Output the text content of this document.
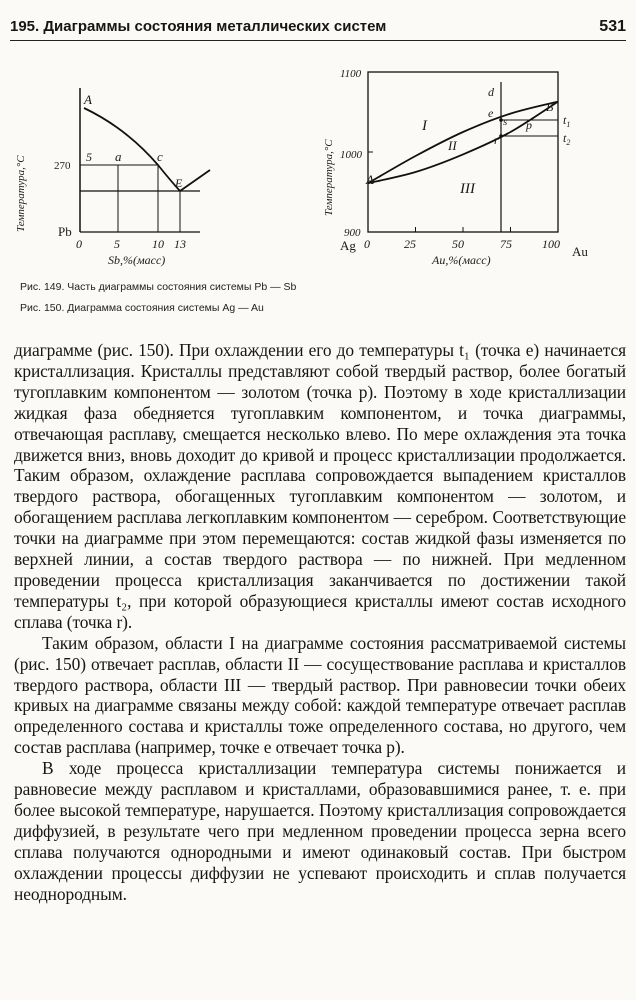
195. Диаграммы состояния металлических систем	531
Температура,°С
A
5 a	c
E
270
Pb
0	5	10 13
Sb,%(масс)
Температура,°С
1100
1000
900
Ag	Au
0	25	50	75	100
Au,%(масс)
I
II
III
A
B
d
e
s p
r
$t_1$
$t_2$
Рис. 149. Часть диаграммы состояния системы Pb — Sb
Рис. 150. Диаграмма состояния системы Ag — Au

диаграмме (рис. 150). При охлаждении его до температуры t₁ (точка e) начинается кристаллизация. Кристаллы представляют собой твердый раствор, более богатый тугоплавким компонентом — золотом (точка p). Поэтому в ходе кристаллизации жидкая фаза обедняется тугоплавким компонентом, и точка диаграммы, отвечающая расплаву, смещается несколько влево. По мере охлаждения эта точка движется вниз, вновь доходит до кривой и процесс кристаллизации продолжается. Таким образом, охлаждение расплава сопровождается выпадением кристаллов твердого раствора, обогащенных тугоплавким компонентом — золотом, и обогащением расплава легкоплавким компонентом — серебром. Соответствующие точки на диаграмме при этом перемещаются: состав жидкой фазы изменяется по верхней линии, а состав твердого раствора — по нижней. При медленном проведении процесса кристаллизация заканчивается по достижении такой температуры t₂, при которой образующиеся кристаллы имеют состав исходного сплава (точка r).

Таким образом, области I на диаграмме состояния рассматриваемой системы (рис. 150) отвечает расплав, области II — сосуществование расплава и кристаллов твердого раствора, области III — твердый раствор. При равновесии точки обеих кривых на диаграмме связаны между собой: каждой температуре отвечает расплав определенного состава и кристаллы тоже определенного состава, но другого, чем состав расплава (например, точке e отвечает точка p).

В ходе процесса кристаллизации температура системы понижается и равновесие между расплавом и кристаллами, образовавшимися ранее, т. е. при более высокой температуре, нарушается. Поэтому кристаллизация сопровождается диффузией, в результате чего при медленном проведении процесса зерна всего сплава получаются однородными и имеют одинаковый состав. При быстром охлаждении процессы диффузии не успевают происходить и сплав получается неоднородным.
